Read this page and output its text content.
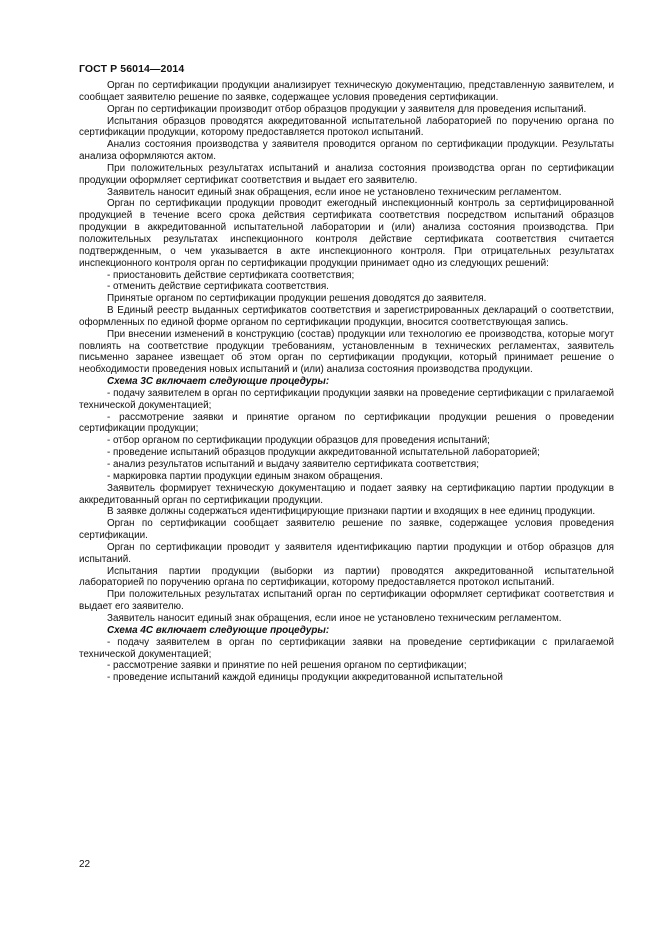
ГОСТ Р 56014—2014

Орган по сертификации продукции анализирует техническую документацию, представленную заявителем, и сообщает заявителю решение по заявке, содержащее условия проведения сертификации.

Орган по сертификации производит отбор образцов продукции у заявителя для проведения испытаний.

Испытания образцов проводятся аккредитованной испытательной лабораторией по поручению органа по сертификации продукции, которому предоставляется протокол испытаний.

Анализ состояния производства у заявителя проводится органом по сертификации продукции. Результаты анализа оформляются актом.

При положительных результатах испытаний и анализа состояния производства орган по сертификации продукции оформляет сертификат соответствия и выдает его заявителю.

Заявитель наносит единый знак обращения, если иное не установлено техническим регламентом.

Орган по сертификации продукции проводит ежегодный инспекционный контроль за сертифицированной продукцией в течение всего срока действия сертификата соответствия посредством испытаний образцов продукции в аккредитованной испытательной лаборатории и (или) анализа состояния производства. При положительных результатах инспекционного контроля действие сертификата соответствия считается подтвержденным, о чем указывается в акте инспекционного контроля. При отрицательных результатах инспекционного контроля орган по сертификации продукции принимает одно из следующих решений:

- приостановить действие сертификата соответствия;

- отменить действие сертификата соответствия.

Принятые органом по сертификации продукции решения доводятся до заявителя.

В Единый реестр выданных сертификатов соответствия и зарегистрированных деклараций о соответствии, оформленных по единой форме органом по сертификации продукции, вносится соответствующая запись.

При внесении изменений в конструкцию (состав) продукции или технологию ее производства, которые могут повлиять на соответствие продукции требованиям, установленным в технических регламентах, заявитель письменно заранее извещает об этом орган по сертификации продукции, который принимает решение о необходимости проведения новых испытаний и (или) анализа состояния производства продукции.

Схема 3С включает следующие процедуры:

- подачу заявителем в орган по сертификации продукции заявки на проведение сертификации с прилагаемой технической документацией;

- рассмотрение заявки и принятие органом по сертификации продукции решения о проведении сертификации продукции;

- отбор органом по сертификации продукции образцов для проведения испытаний;

- проведение испытаний образцов продукции аккредитованной испытательной лабораторией;

- анализ результатов испытаний и выдачу заявителю сертификата соответствия;

- маркировка партии продукции единым знаком обращения.

Заявитель формирует техническую документацию и подает заявку на сертификацию партии продукции в аккредитованный орган по сертификации продукции.

В заявке должны содержаться идентифицирующие признаки партии и входящих в нее единиц продукции.

Орган по сертификации сообщает заявителю решение по заявке, содержащее условия проведения сертификации.

Орган по сертификации проводит у заявителя идентификацию партии продукции и отбор образцов для испытаний.

Испытания партии продукции (выборки из партии) проводятся аккредитованной испытательной лабораторией по поручению органа по сертификации, которому предоставляется протокол испытаний.

При положительных результатах испытаний орган по сертификации оформляет сертификат соответствия и выдает его заявителю.

Заявитель наносит единый знак обращения, если иное не установлено техническим регламентом.

Схема 4С включает следующие процедуры:

- подачу заявителем в орган по сертификации заявки на проведение сертификации с прилагаемой технической документацией;

- рассмотрение заявки и принятие по ней решения органом по сертификации;

- проведение испытаний каждой единицы продукции аккредитованной испытательной

22
